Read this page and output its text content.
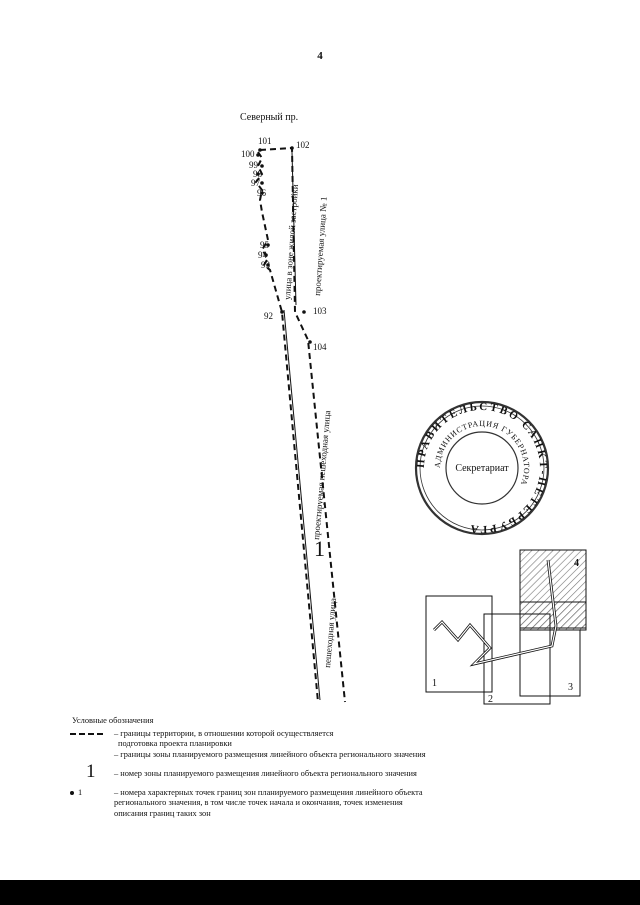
4
Северный пр.
101	102
100
99
98
97
96
95
94
93
92	103
104
улица в зоне жилой застройки проектируемая улица № 1
проектируемая пешеходная улица
пешеходная улица
1
ПРАВИТЕЛЬСТВО САНКТ-ПЕТЕРБУРГА
АДМИНИСТРАЦИЯ ГУБЕРНАТОРА
Секретариат
1
2
3
4
Условные обозначения
– границы территории, в отношении которой осуществляется
подготовка проекта планировки
– границы зоны планируемого размещения линейного объекта регионального значения
1 – номер зоны планируемого размещения линейного объекта регионального значения
1	– номера характерных точек границ зон планируемого размещения линейного объекта
регионального значения, в том числе точек начала и окончания, точек изменения
описания границ таких зон
